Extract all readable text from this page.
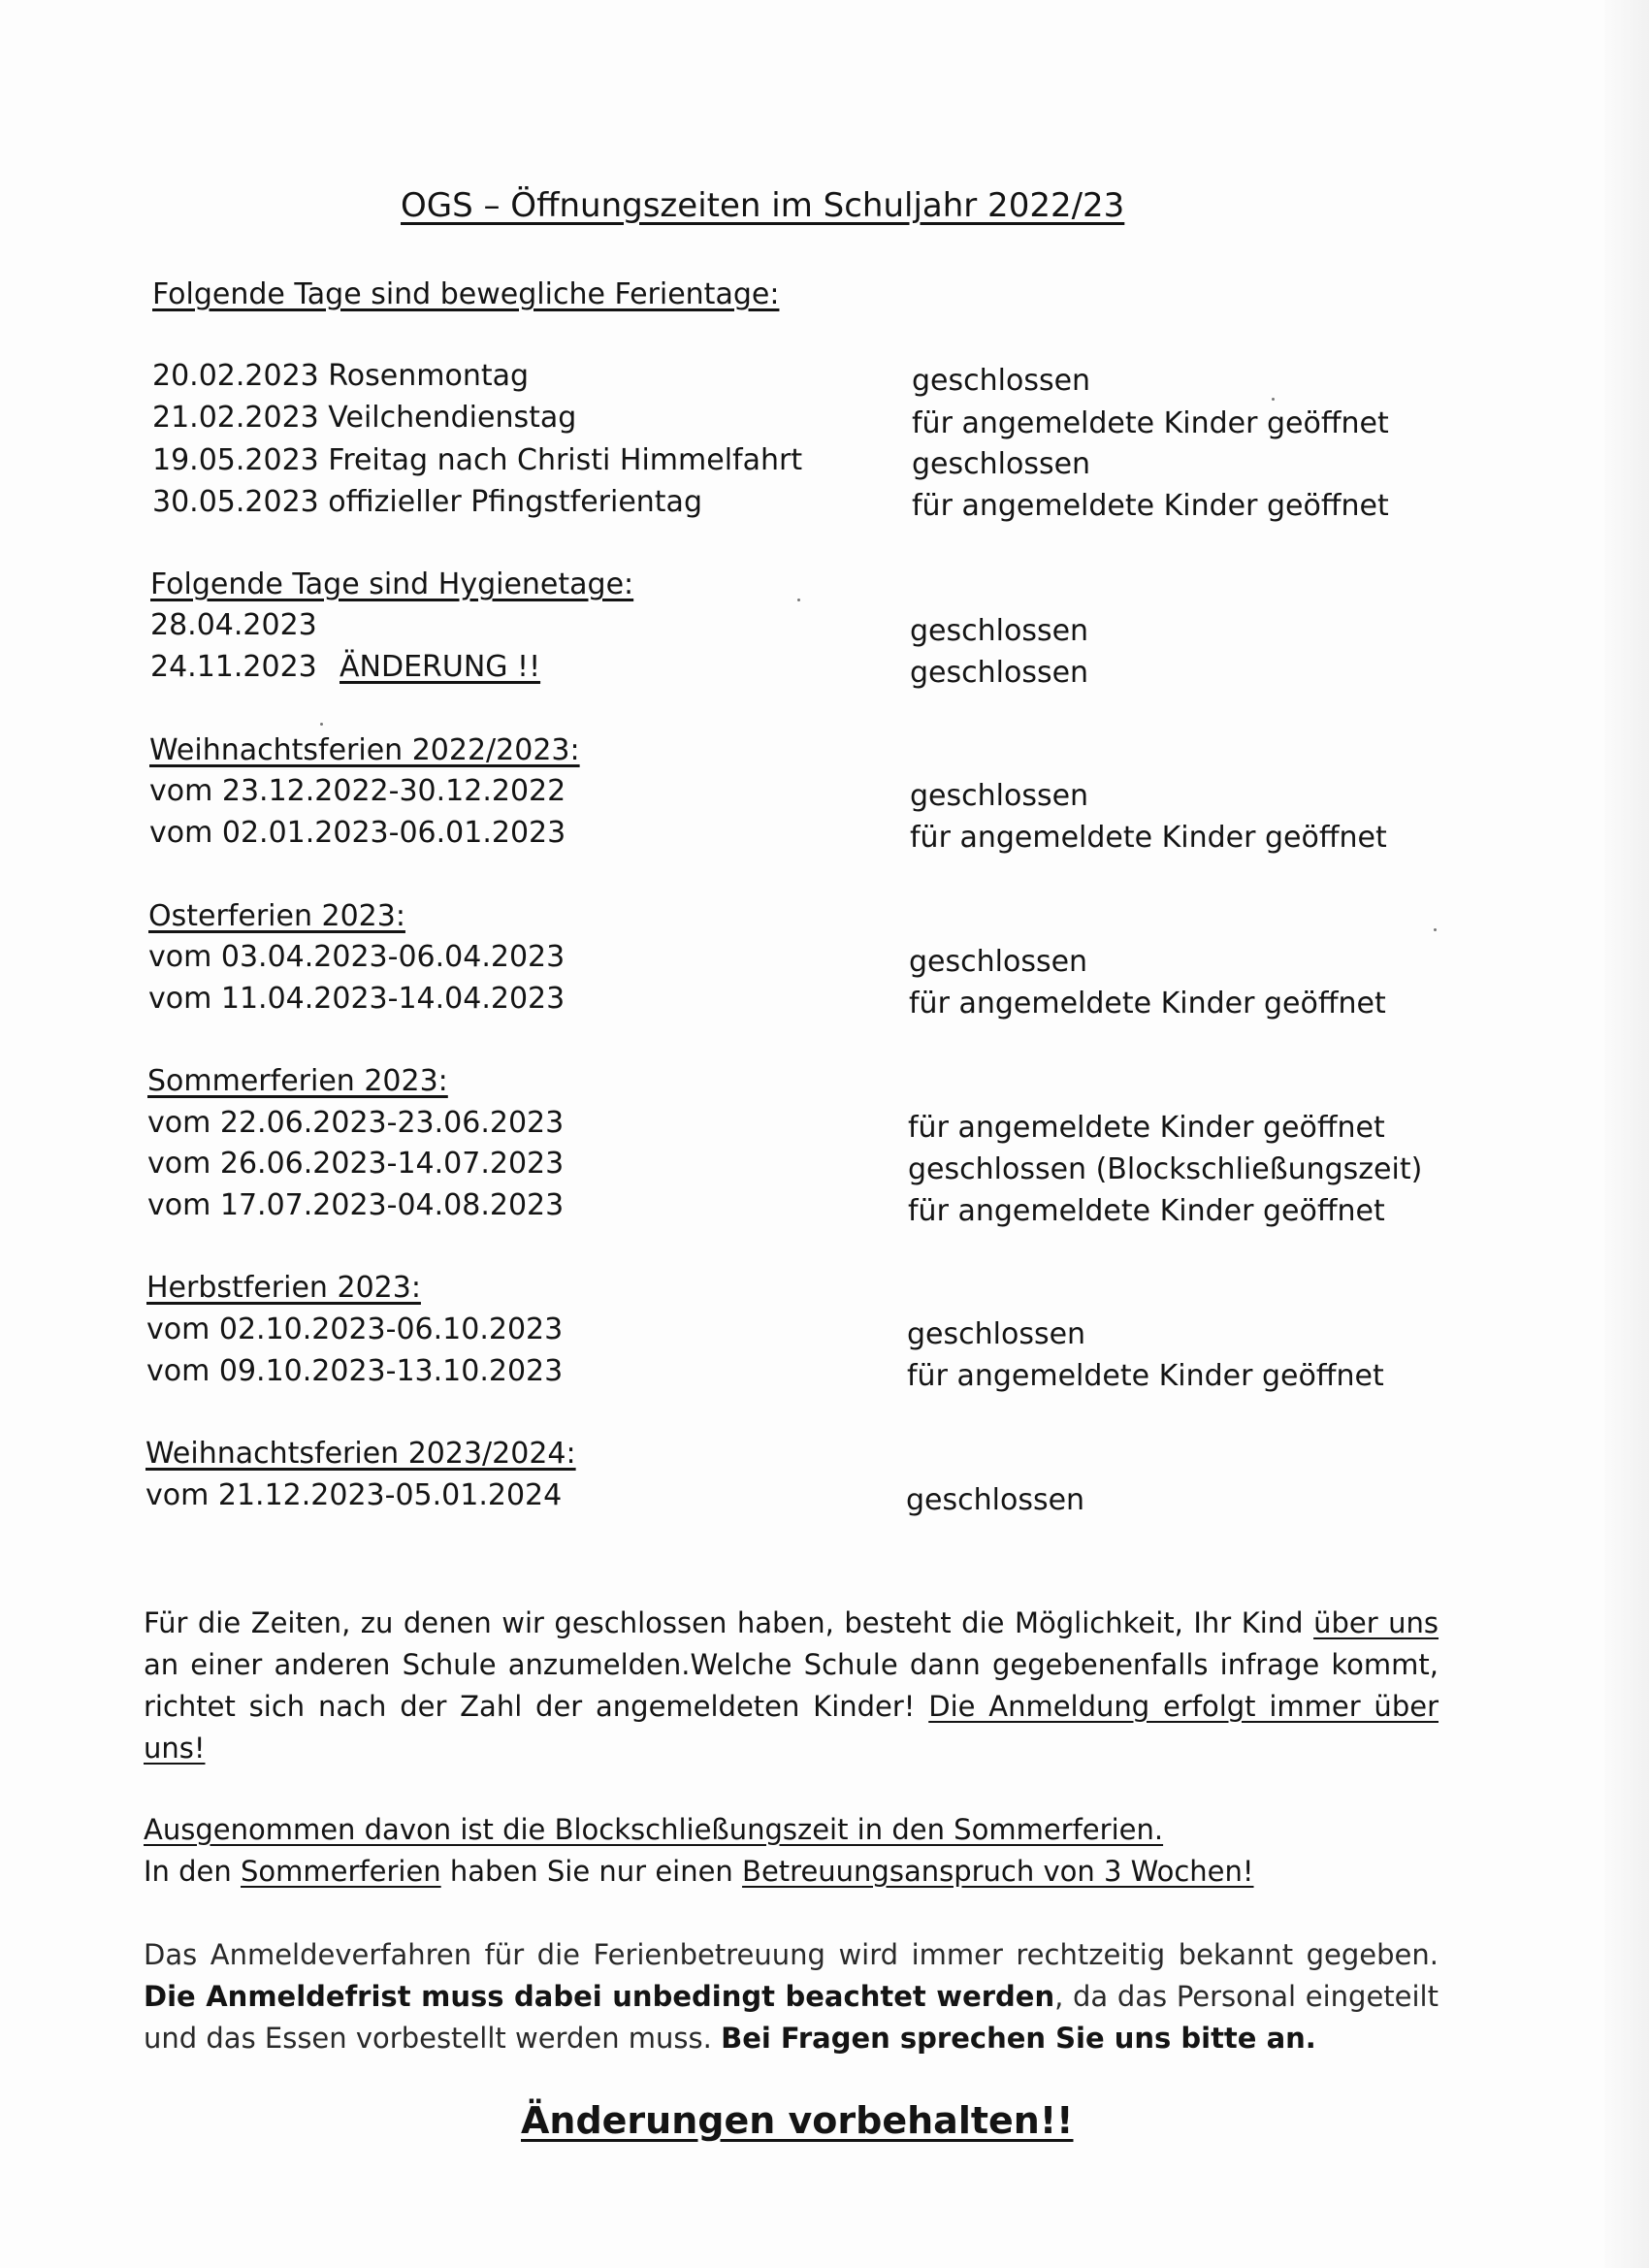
OGS – Öffnungszeiten im Schuljahr 2022/23
Folgende Tage sind bewegliche Ferientage:
20.02.2023 Rosenmontag	geschlossen
21.02.2023 Veilchendienstag	für angemeldete Kinder geöffnet
19.05.2023 Freitag nach Christi Himmelfahrt	geschlossen
30.05.2023 offizieller Pfingstferientag	für angemeldete Kinder geöffnet
Folgende Tage sind Hygienetage:
28.04.2023	geschlossen
24.11.2023 ÄNDERUNG !!	geschlossen
Weihnachtsferien 2022/2023:
vom 23.12.2022-30.12.2022	geschlossen
vom 02.01.2023-06.01.2023	für angemeldete Kinder geöffnet
Osterferien 2023:
vom 03.04.2023-06.04.2023	geschlossen
vom 11.04.2023-14.04.2023	für angemeldete Kinder geöffnet
Sommerferien 2023:
vom 22.06.2023-23.06.2023	für angemeldete Kinder geöffnet
vom 26.06.2023-14.07.2023	geschlossen (Blockschließungszeit)
vom 17.07.2023-04.08.2023	für angemeldete Kinder geöffnet
Herbstferien 2023:
vom 02.10.2023-06.10.2023	geschlossen
vom 09.10.2023-13.10.2023	für angemeldete Kinder geöffnet
Weihnachtsferien 2023/2024:
vom 21.12.2023-05.01.2024	geschlossen
Für die Zeiten, zu denen wir geschlossen haben, besteht die Möglichkeit, Ihr Kind über uns an einer anderen Schule anzumelden.Welche Schule dann gegebenenfalls infrage kommt, richtet sich nach der Zahl der angemeldeten Kinder! Die Anmeldung erfolgt immer über uns!
Ausgenommen davon ist die Blockschließungszeit in den Sommerferien.
In den Sommerferien haben Sie nur einen Betreuungsanspruch von 3 Wochen!
Das Anmeldeverfahren für die Ferienbetreuung wird immer rechtzeitig bekannt gegeben. Die Anmeldefrist muss dabei unbedingt beachtet werden, da das Personal eingeteilt und das Essen vorbestellt werden muss. Bei Fragen sprechen Sie uns bitte an.
Änderungen vorbehalten!!
